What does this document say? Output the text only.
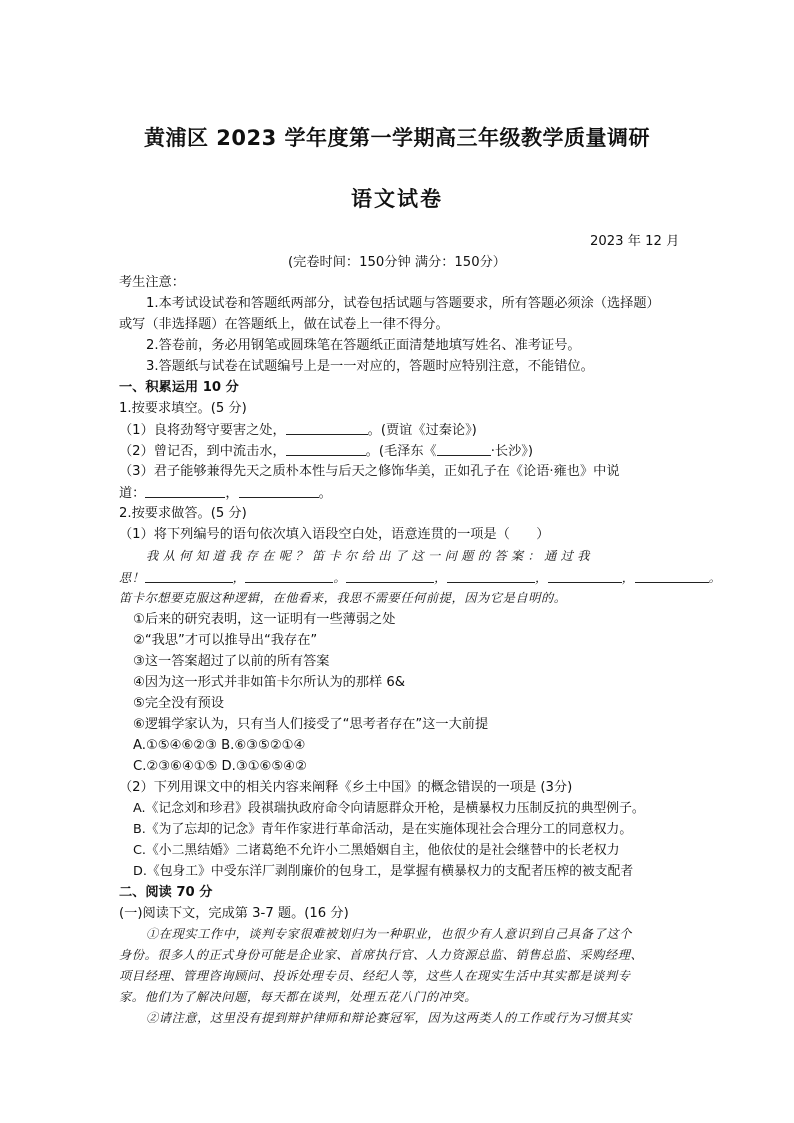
黄浦区 2023 学年度第一学期高三年级教学质量调研
语文试卷
2023 年 12 月
(完卷时间：150分钟 满分：150分）
考生注意：
1.本考试设试卷和答题纸两部分，试卷包括试题与答题要求，所有答题必须涂（选择题）
或写（非选择题）在答题纸上，做在试卷上一律不得分。
2.答卷前，务必用钢笔或圆珠笔在答题纸正面清楚地填写姓名、准考证号。
3.答题纸与试卷在试题编号上是一一对应的，答题时应特别注意，不能错位。
一、积累运用 10 分
1.按要求填空。(5 分)
（1）良将劲弩守要害之处，	。(贾谊《过秦论》)
（2）曾记否，到中流击水，	。(毛泽东《	·长沙》)
（3）君子能够兼得先天之质朴本性与后天之修饰华美，正如孔子在《论语·雍也》中说
道：	，	。
2.按要求做答。(5 分)
（1）将下列编号的语句依次填入语段空白处，语意连贯的一项是（　　）
我从何知道我存在呢？笛卡尔给出了这一问题的答案：通过我
思！	，	。	，	，	，	。
笛卡尔想要克服这种逻辑，在他看来，我思不需要任何前提，因为它是自明的。
①后来的研究表明，这一证明有一些薄弱之处
②“我思”才可以推导出“我存在”
③这一答案超过了以前的所有答案
④因为这一形式并非如笛卡尔所认为的那样 6&
⑤完全没有预设
⑥逻辑学家认为，只有当人们接受了“思考者存在”这一大前提
A.①⑤④⑥②③ B.⑥③⑤②①④
C.②③⑥④①⑤ D.③①⑥⑤④②
（2）下列用课文中的相关内容来阐释《乡土中国》的概念错误的一项是 (3分)
A.《记念刘和珍君》段祺瑞执政府命令向请愿群众开枪，是横暴权力压制反抗的典型例子。
B.《为了忘却的记念》青年作家进行革命活动，是在实施体现社会合理分工的同意权力。
C.《小二黑结婚》二诸葛绝不允许小二黑婚姻自主，他依仗的是社会继替中的长老权力
D.《包身工》中受东洋厂剥削廉价的包身工，是掌握有横暴权力的支配者压榨的被支配者
二、阅读 70 分
(一)阅读下文，完成第 3-7 题。(16 分)
①在现实工作中，谈判专家很难被划归为一种职业，也很少有人意识到自己具备了这个
身份。很多人的正式身份可能是企业家、首席执行官、人力资源总监、销售总监、采购经理、
项目经理、管理咨询顾问、投诉处理专员、经纪人等，这些人在现实生活中其实都是谈判专
家。他们为了解决问题，每天都在谈判，处理五花八门的冲突。
②请注意，这里没有提到辩护律师和辩论赛冠军，因为这两类人的工作或行为习惯其实
